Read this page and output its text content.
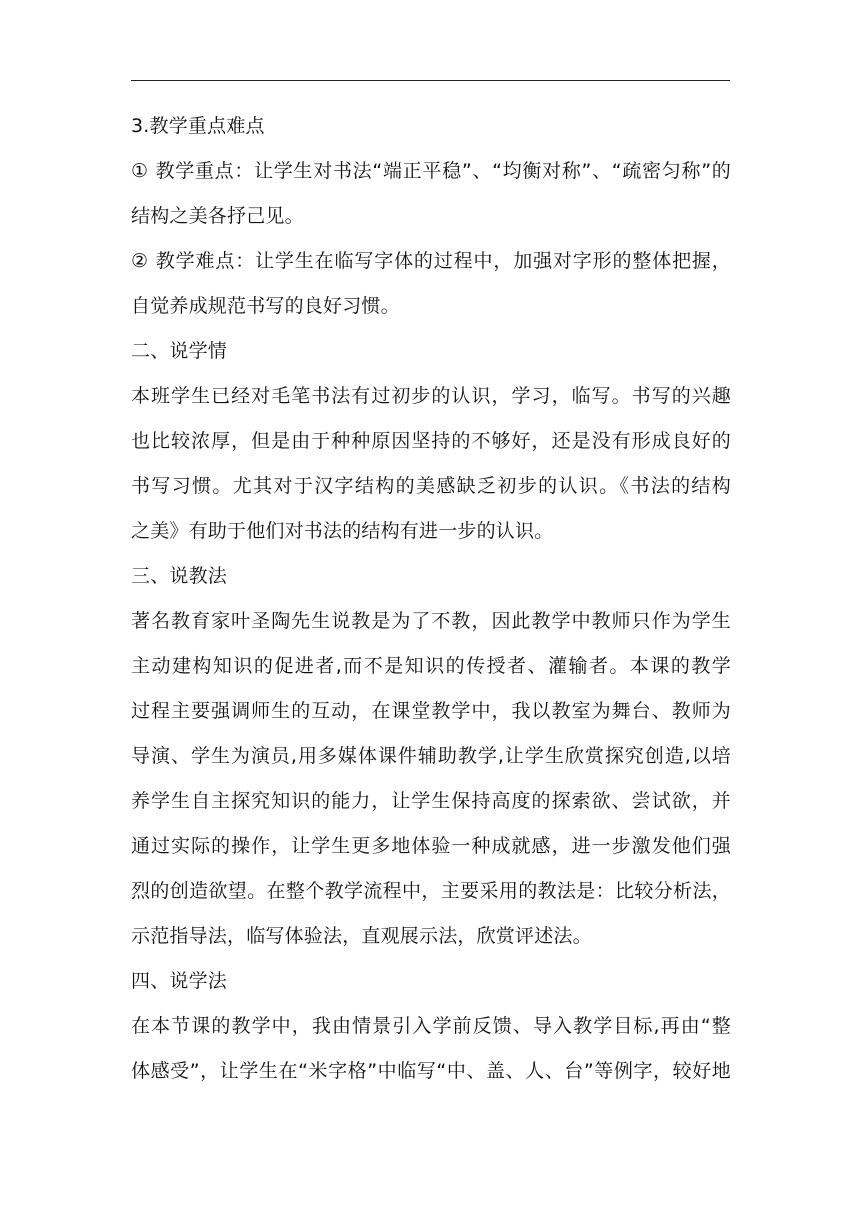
3.教学重点难点
① 教学重点：让学生对书法“端正平稳”、“均衡对称”、“疏密匀称”的
结构之美各抒己见。
② 教学难点：让学生在临写字体的过程中，加强对字形的整体把握，
自觉养成规范书写的良好习惯。
二、说学情
本班学生已经对毛笔书法有过初步的认识，学习，临写。书写的兴趣
也比较浓厚，但是由于种种原因坚持的不够好，还是没有形成良好的
书写习惯。尤其对于汉字结构的美感缺乏初步的认识。《书法的结构
之美》有助于他们对书法的结构有进一步的认识。
三、说教法
著名教育家叶圣陶先生说教是为了不教，因此教学中教师只作为学生
主动建构知识的促进者,而不是知识的传授者、灌输者。本课的教学
过程主要强调师生的互动，在课堂教学中，我以教室为舞台、教师为
导演、学生为演员,用多媒体课件辅助教学,让学生欣赏探究创造,以培
养学生自主探究知识的能力，让学生保持高度的探索欲、尝试欲，并
通过实际的操作，让学生更多地体验一种成就感，进一步激发他们强
烈的创造欲望。在整个教学流程中，主要采用的教法是：比较分析法，
示范指导法，临写体验法，直观展示法，欣赏评述法。
四、说学法
在本节课的教学中，我由情景引入学前反馈、导入教学目标,再由“整
体感受”，让学生在“米字格”中临写“中、盖、人、台”等例字，较好地
